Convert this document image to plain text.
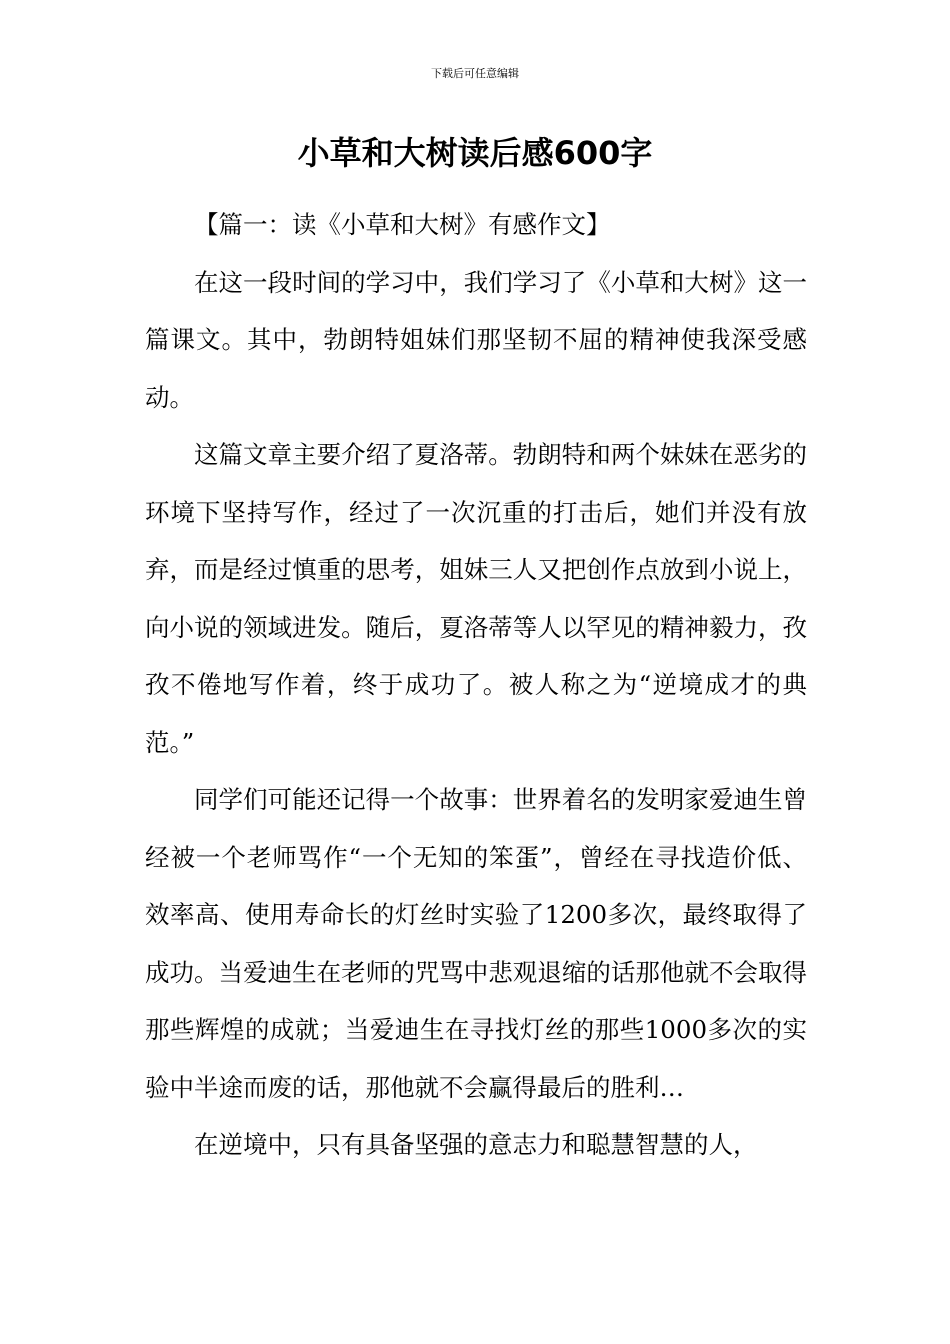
下载后可任意编辑
小草和大树读后感600字

【篇一：读《小草和大树》有感作文】

在这一段时间的学习中，我们学习了《小草和大树》这一篇课文。其中，勃朗特姐妹们那坚韧不屈的精神使我深受感动。

这篇文章主要介绍了夏洛蒂。勃朗特和两个妹妹在恶劣的环境下坚持写作，经过了一次沉重的打击后，她们并没有放弃，而是经过慎重的思考，姐妹三人又把创作点放到小说上，向小说的领域进发。随后，夏洛蒂等人以罕见的精神毅力，孜孜不倦地写作着，终于成功了。被人称之为“逆境成才的典范。”

同学们可能还记得一个故事：世界着名的发明家爱迪生曾经被一个老师骂作“一个无知的笨蛋”，曾经在寻找造价低、效率高、使用寿命长的灯丝时实验了1200多次，最终取得了成功。当爱迪生在老师的咒骂中悲观退缩的话那他就不会取得那些辉煌的成就；当爱迪生在寻找灯丝的那些1000多次的实验中半途而废的话，那他就不会赢得最后的胜利…

在逆境中，只有具备坚强的意志力和聪慧智慧的人，
